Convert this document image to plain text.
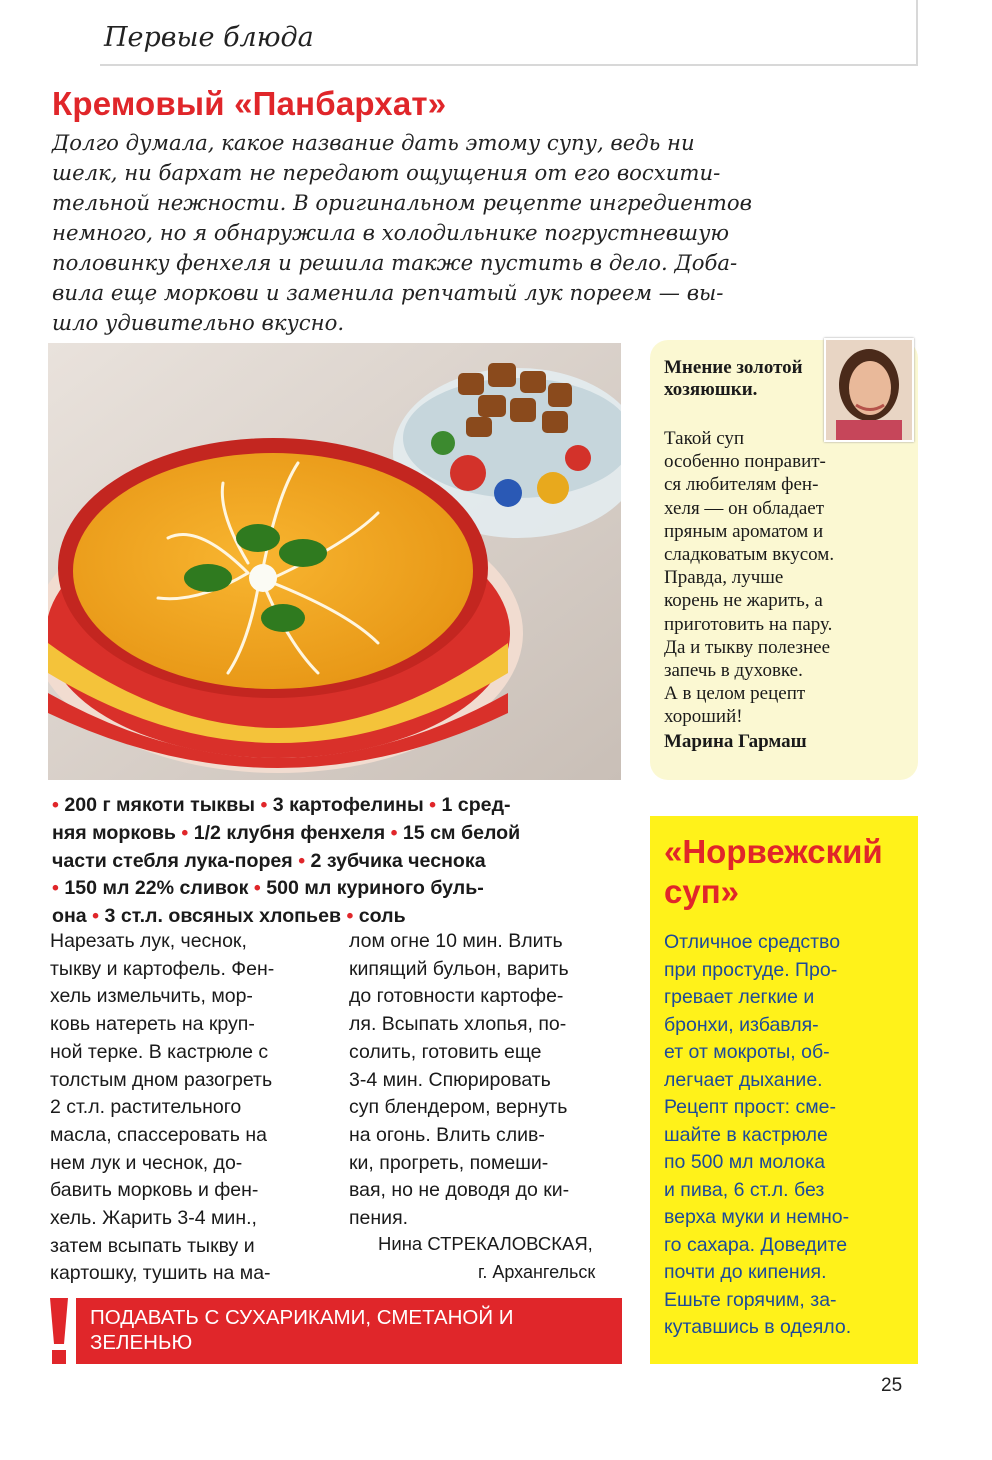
Первые блюда
Кремовый «Панбархат»
Долго думала, какое название дать этому супу, ведь ни
шелк, ни бархат не передают ощущения от его восхити-
тельной нежности. В оригинальном рецепте ингредиентов
немного, но я обнаружила в холодильнике погрустневшую
половинку фенхеля и решила также пустить в дело. Доба-
вила еще моркови и заменила репчатый лук пореем — вы-
шло удивительно вкусно.
Мнение золотой хозяюшки.
Такой суп
особенно понравит-
ся любителям фен-
хеля — он обладает
пряным ароматом и
сладковатым вкусом.
Правда, лучше
корень не жарить, а
приготовить на пару.
Да и тыкву полезнее
запечь в духовке.
А в целом рецепт
хороший!
Марина Гармаш
• 200 г мякоти тыквы • 3 картофелины • 1 сред-
няя морковь • 1/2 клубня фенхеля • 15 см белой
части стебля лука-порея • 2 зубчика чеснока
• 150 мл 22% сливок • 500 мл куриного буль-
она • 3 ст.л. овсяных хлопьев • соль
Нарезать лук, чеснок,
тыкву и картофель. Фен-
хель измельчить, мор-
ковь натереть на круп-
ной терке. В кастрюле с
толстым дном разогреть
2 ст.л. растительного
масла, спассеровать на
нем лук и чеснок, до-
бавить морковь и фен-
хель. Жарить 3-4 мин.,
затем всыпать тыкву и
картошку, тушить на ма-
лом огне 10 мин. Влить
кипящий бульон, варить
до готовности картофе-
ля. Всыпать хлопья, по-
солить, готовить еще
3-4 мин. Спюрировать
суп блендером, вернуть
на огонь. Влить слив-
ки, прогреть, помеши-
вая, но не доводя до ки-
пения.
Нина СТРЕКАЛОВСКАЯ,
г. Архангельск
ПОДАВАТЬ С СУХАРИКАМИ, СМЕТАНОЙ И ЗЕЛЕНЬЮ
«Норвежский суп»
Отличное средство
при простуде. Про-
гревает легкие и
бронхи, избавля-
ет от мокроты, об-
легчает дыхание.
Рецепт прост: сме-
шайте в кастрюле
по 500 мл молока
и пива, 6 ст.л. без
верха муки и немно-
го сахара. Доведите
почти до кипения.
Ешьте горячим, за-
кутавшись в одеяло.
25
